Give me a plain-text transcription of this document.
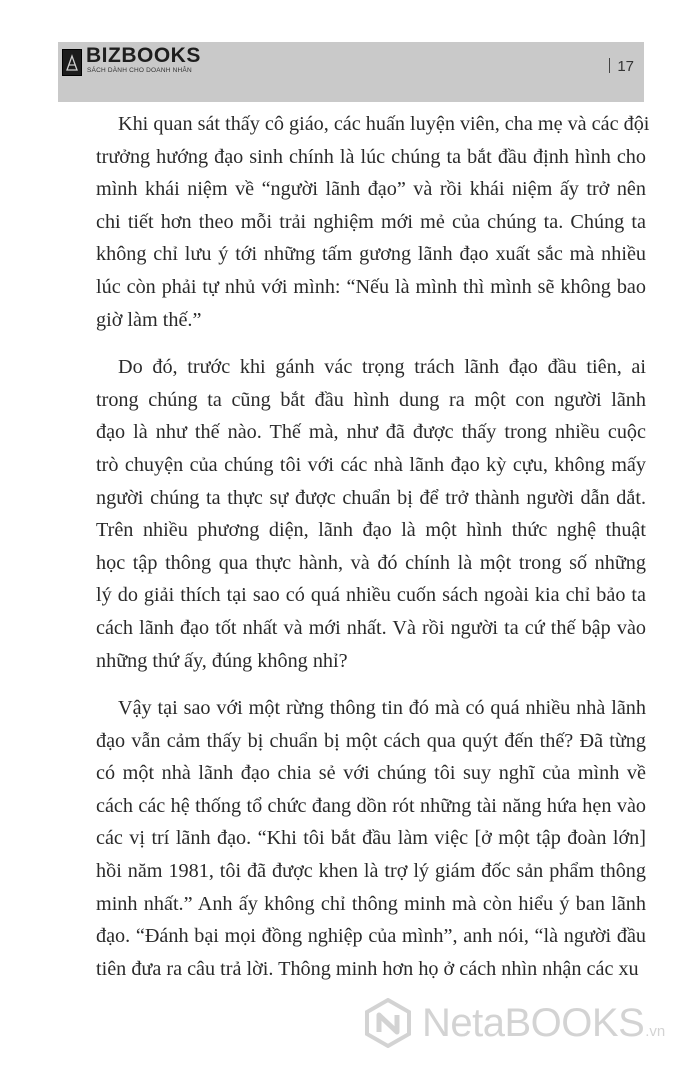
BIZBOOKS
SÁCH DÀNH CHO DOANH NHÂN	17
Khi quan sát thấy cô giáo, các huấn luyện viên, cha mẹ và các đội
trưởng hướng đạo sinh chính là lúc chúng ta bắt đầu định hình cho
mình khái niệm về “người lãnh đạo” và rồi khái niệm ấy trở nên
chi tiết hơn theo mỗi trải nghiệm mới mẻ của chúng ta. Chúng ta
không chỉ lưu ý tới những tấm gương lãnh đạo xuất sắc mà nhiều
lúc còn phải tự nhủ với mình: “Nếu là mình thì mình sẽ không bao
giờ làm thế.”
Do đó, trước khi gánh vác trọng trách lãnh đạo đầu tiên, ai
trong chúng ta cũng bắt đầu hình dung ra một con người lãnh
đạo là như thế nào. Thế mà, như đã được thấy trong nhiều cuộc
trò chuyện của chúng tôi với các nhà lãnh đạo kỳ cựu, không mấy
người chúng ta thực sự được chuẩn bị để trở thành người dẫn dắt.
Trên nhiều phương diện, lãnh đạo là một hình thức nghệ thuật
học tập thông qua thực hành, và đó chính là một trong số những
lý do giải thích tại sao có quá nhiều cuốn sách ngoài kia chỉ bảo ta
cách lãnh đạo tốt nhất và mới nhất. Và rồi người ta cứ thế bập vào
những thứ ấy, đúng không nhỉ?
Vậy tại sao với một rừng thông tin đó mà có quá nhiều nhà lãnh
đạo vẫn cảm thấy bị chuẩn bị một cách qua quýt đến thế? Đã từng
có một nhà lãnh đạo chia sẻ với chúng tôi suy nghĩ của mình về
cách các hệ thống tổ chức đang dồn rót những tài năng hứa hẹn vào
các vị trí lãnh đạo. “Khi tôi bắt đầu làm việc [ở một tập đoàn lớn]
hồi năm 1981, tôi đã được khen là trợ lý giám đốc sản phẩm thông
minh nhất.” Anh ấy không chỉ thông minh mà còn hiểu ý ban lãnh
đạo. “Đánh bại mọi đồng nghiệp của mình”, anh nói, “là người đầu
tiên đưa ra câu trả lời. Thông minh hơn họ ở cách nhìn nhận các xu
NetaBOOKS .vn
